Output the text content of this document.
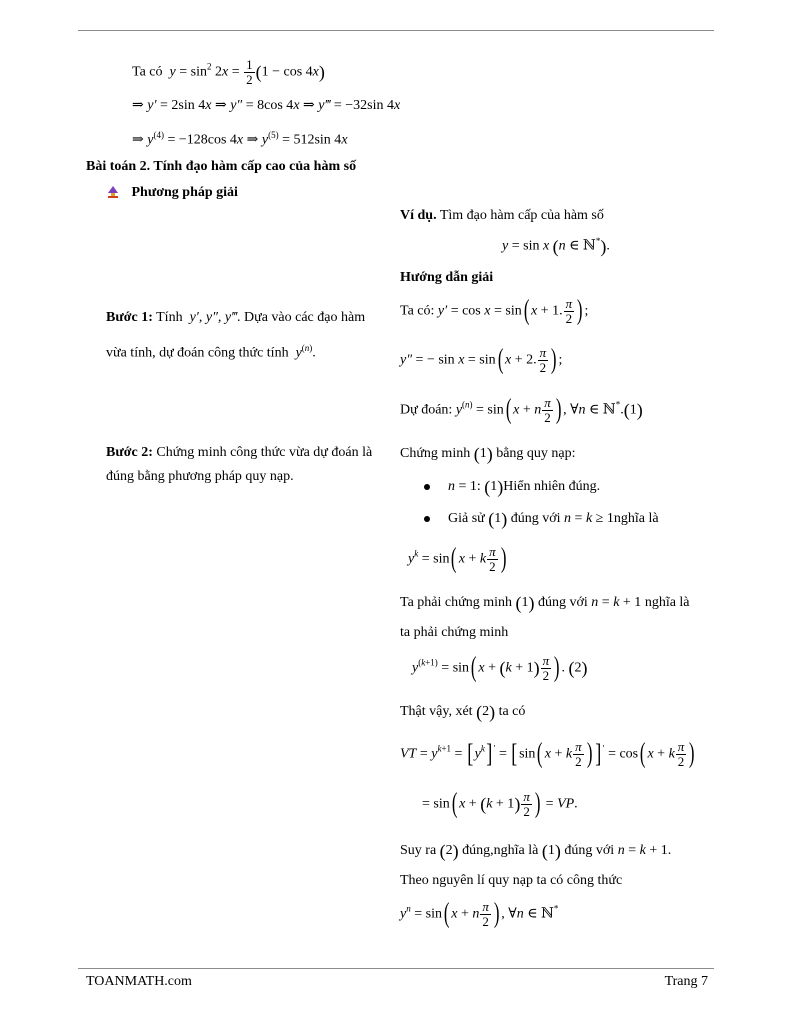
Ta có $y = \sin^2 2x = \frac{1}{2} (1 - \cos 4x)$
⇒ y′ = 2sin 4x ⇒ y″ = 8cos 4x ⇒ y‴ = −32sin 4x
⇒ $y^{(4)} = -128\cos$ 4x ⇒ $y^{(5)} = 512\sin$ 4x
Bài toán 2. Tính đạo hàm cấp cao của hàm số
Phương pháp giải
Ví dụ. Tìm đạo hàm cấp của hàm số
y = sin x (n ∈ ℕ*).
Hướng dẫn giải
Bước 1: Tính y′, y″, y‴. Dựa vào các đạo hàm
vừa tính, dự đoán công thức tính $y^{(n)}$.
Ta có: y′ = cos x = sin( x + 1. $\frac{\pi}{2}$ ) ;
y″ = − sin x = sin( x + 2. $\frac{\pi}{2}$ ) ;
Dự đoán: $y^{(n)} = \sin$( x + n $\frac{\pi}{2}$ ) , ∀n ∈ ℕ*.(1)
Bước 2: Chứng minh công thức vừa dự đoán là
đúng bằng phương pháp quy nạp.
Chứng minh (1) bằng quy nạp:
n = 1: (1)Hiển nhiên đúng.
Giả sử (1) đúng với n = k ≥ 1nghĩa là
$y^k = \sin$( x + k $\frac{\pi}{2}$ )
Ta phải chứng minh (1) đúng với n = k + 1 nghĩa là
ta phải chứng minh
$y^{(k+1)} = \sin$( $x + (k + 1) \frac{\pi}{2}$ ) . (2)
Thật vậy, xét (2) ta có
VT = $y^{k+1} = [y^k]' = [\sin$( x + k $\frac{\pi}{2}$ ) ]′ = cos( x + k $\frac{\pi}{2}$ )
= sin( $x + (k + 1) \frac{\pi}{2}$ ) = VP.
Suy ra (2) đúng,nghĩa là (1) đúng với n = k + 1.
Theo nguyên lí quy nạp ta có công thức
$y^n = \sin$( x + n $\frac{\pi}{2}$ ) , ∀n ∈ ℕ*
TOANMATH.com	Trang 7
